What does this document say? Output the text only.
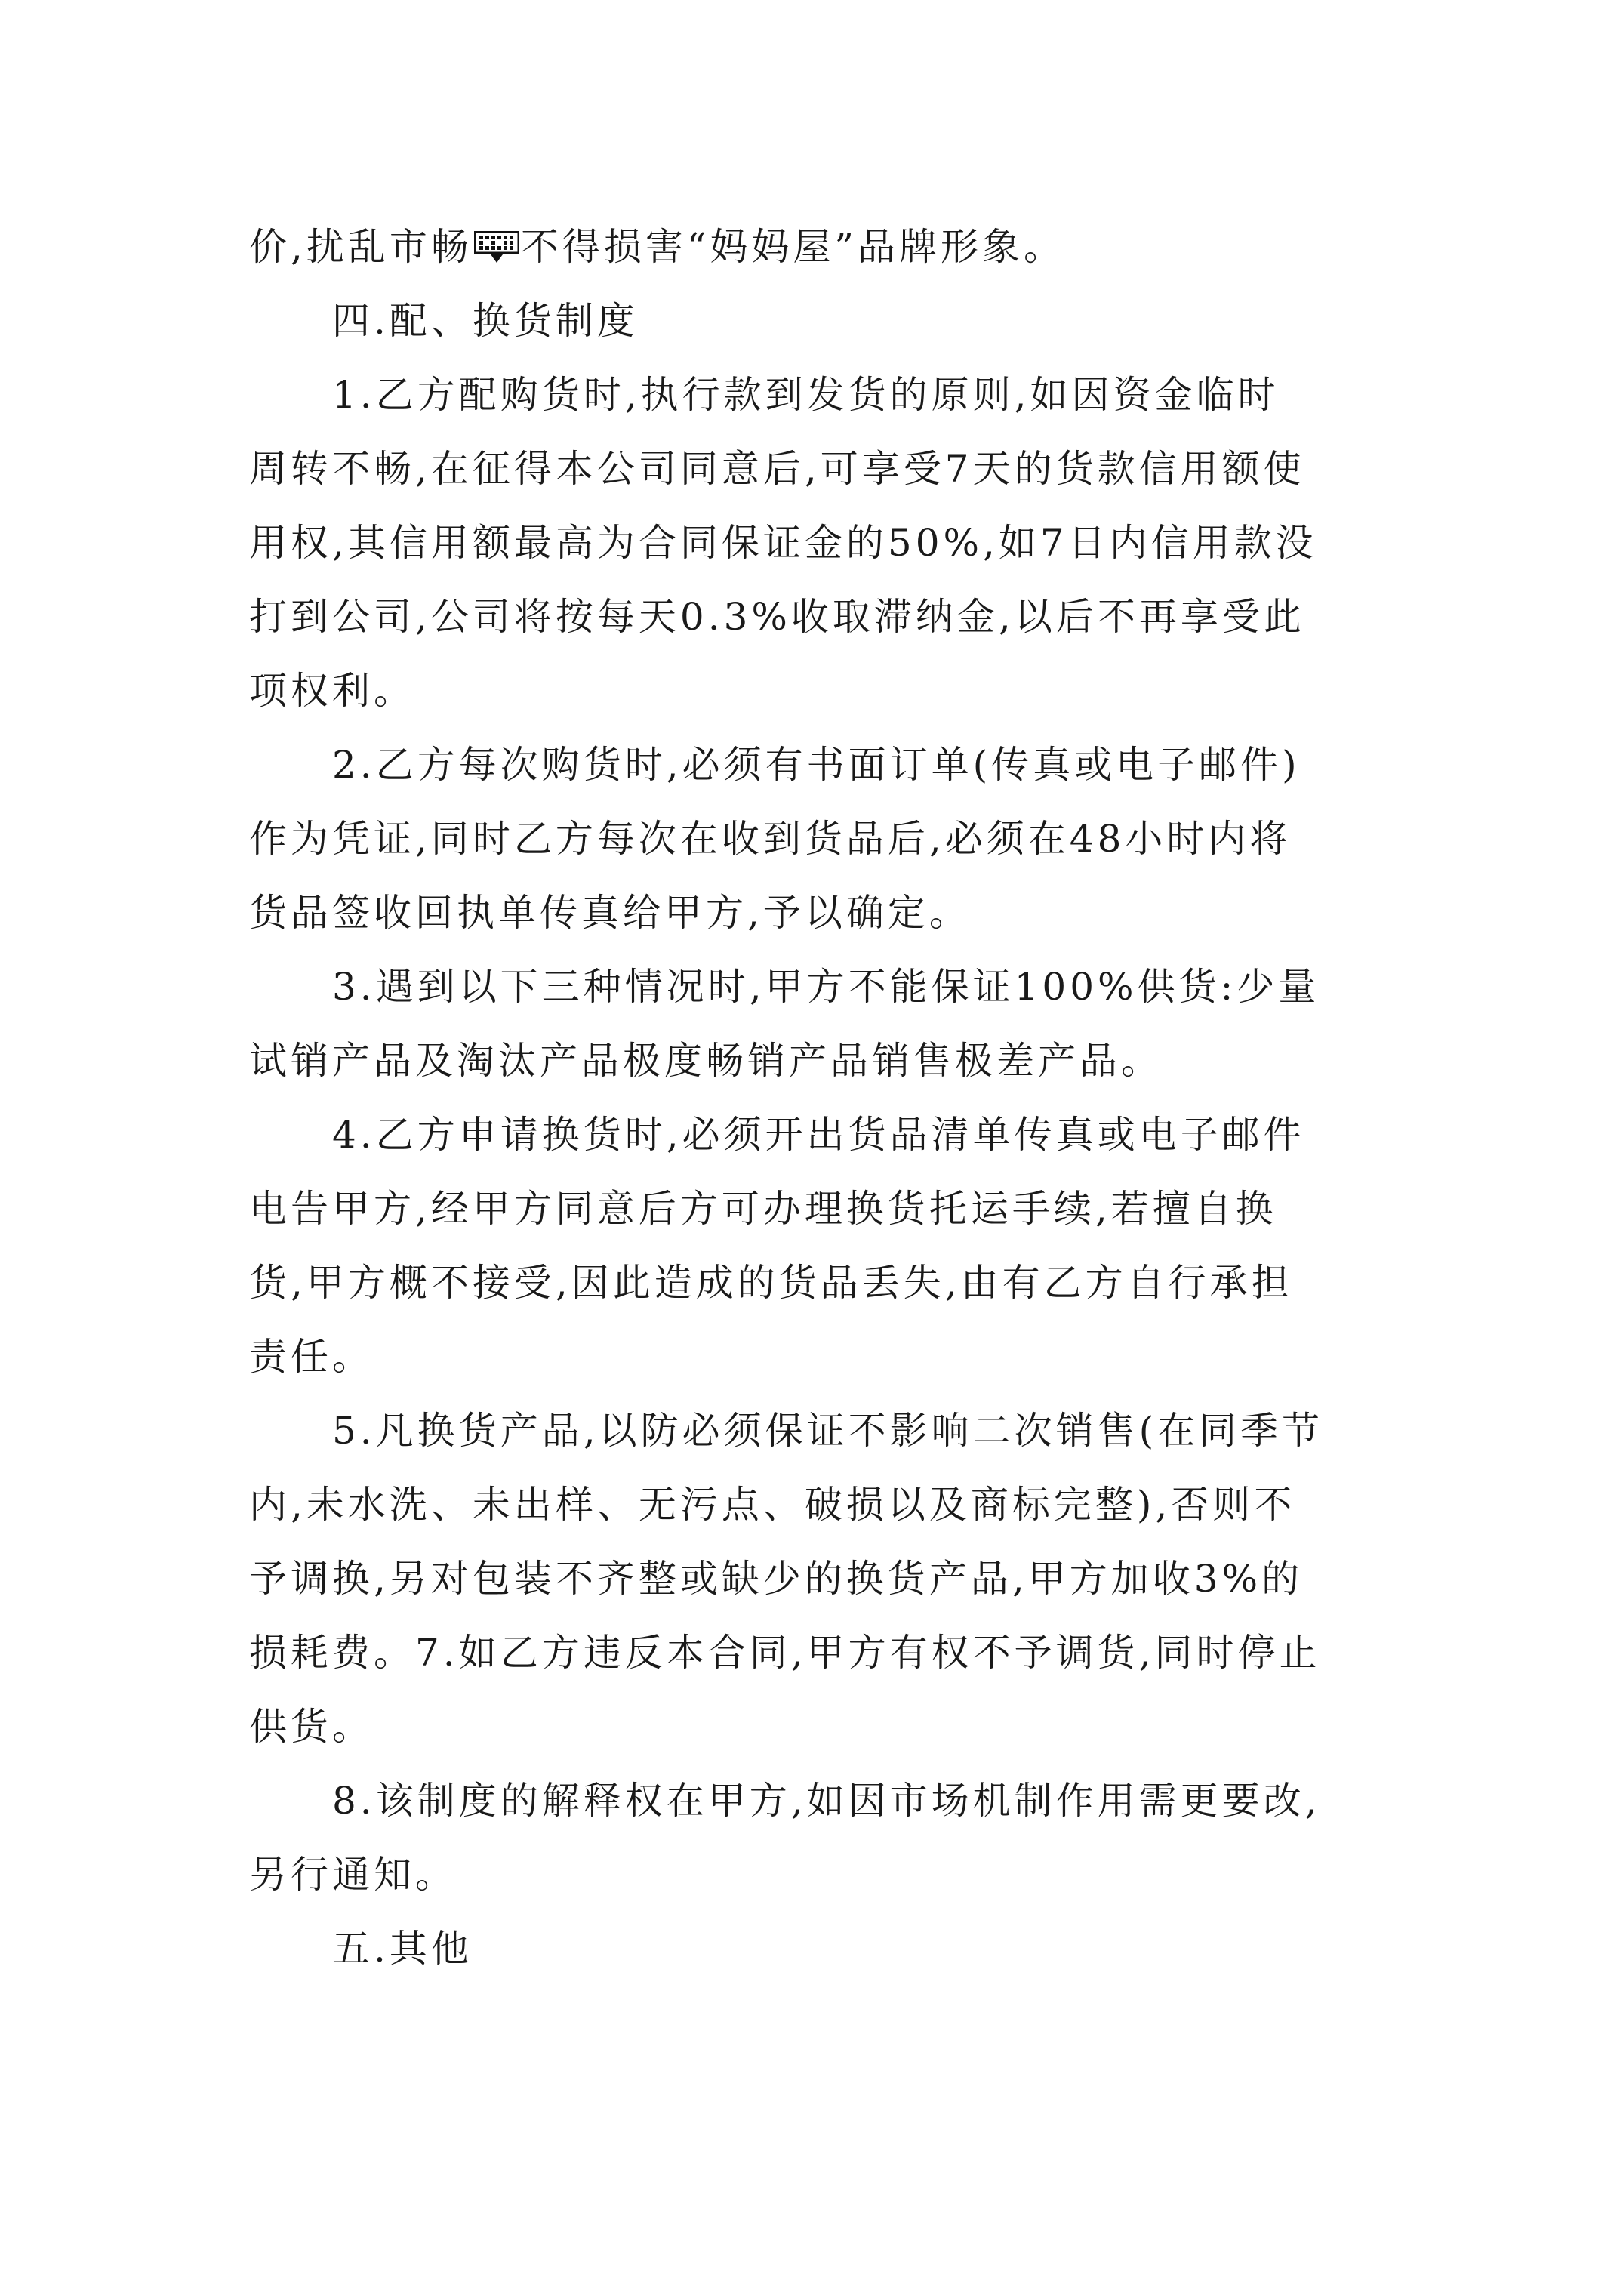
价,扰乱市畅 不得损害“妈妈屋”品牌形象。
四.配、换货制度
1.乙方配购货时,执行款到发货的原则,如因资金临时
周转不畅,在征得本公司同意后,可享受7天的货款信用额使
用权,其信用额最高为合同保证金的50%,如7日内信用款没
打到公司,公司将按每天0.3%收取滞纳金,以后不再享受此
项权利。
2.乙方每次购货时,必须有书面订单(传真或电子邮件)
作为凭证,同时乙方每次在收到货品后,必须在48小时内将
货品签收回执单传真给甲方,予以确定。
3.遇到以下三种情况时,甲方不能保证100%供货:少量
试销产品及淘汰产品极度畅销产品销售极差产品。
4.乙方申请换货时,必须开出货品清单传真或电子邮件
电告甲方,经甲方同意后方可办理换货托运手续,若擅自换
货,甲方概不接受,因此造成的货品丢失,由有乙方自行承担
责任。
5.凡换货产品,以防必须保证不影响二次销售(在同季节
内,未水洗、未出样、无污点、破损以及商标完整),否则不
予调换,另对包装不齐整或缺少的换货产品,甲方加收3%的
损耗费。7.如乙方违反本合同,甲方有权不予调货,同时停止
供货。
8.该制度的解释权在甲方,如因市场机制作用需更要改,
另行通知。
五.其他
